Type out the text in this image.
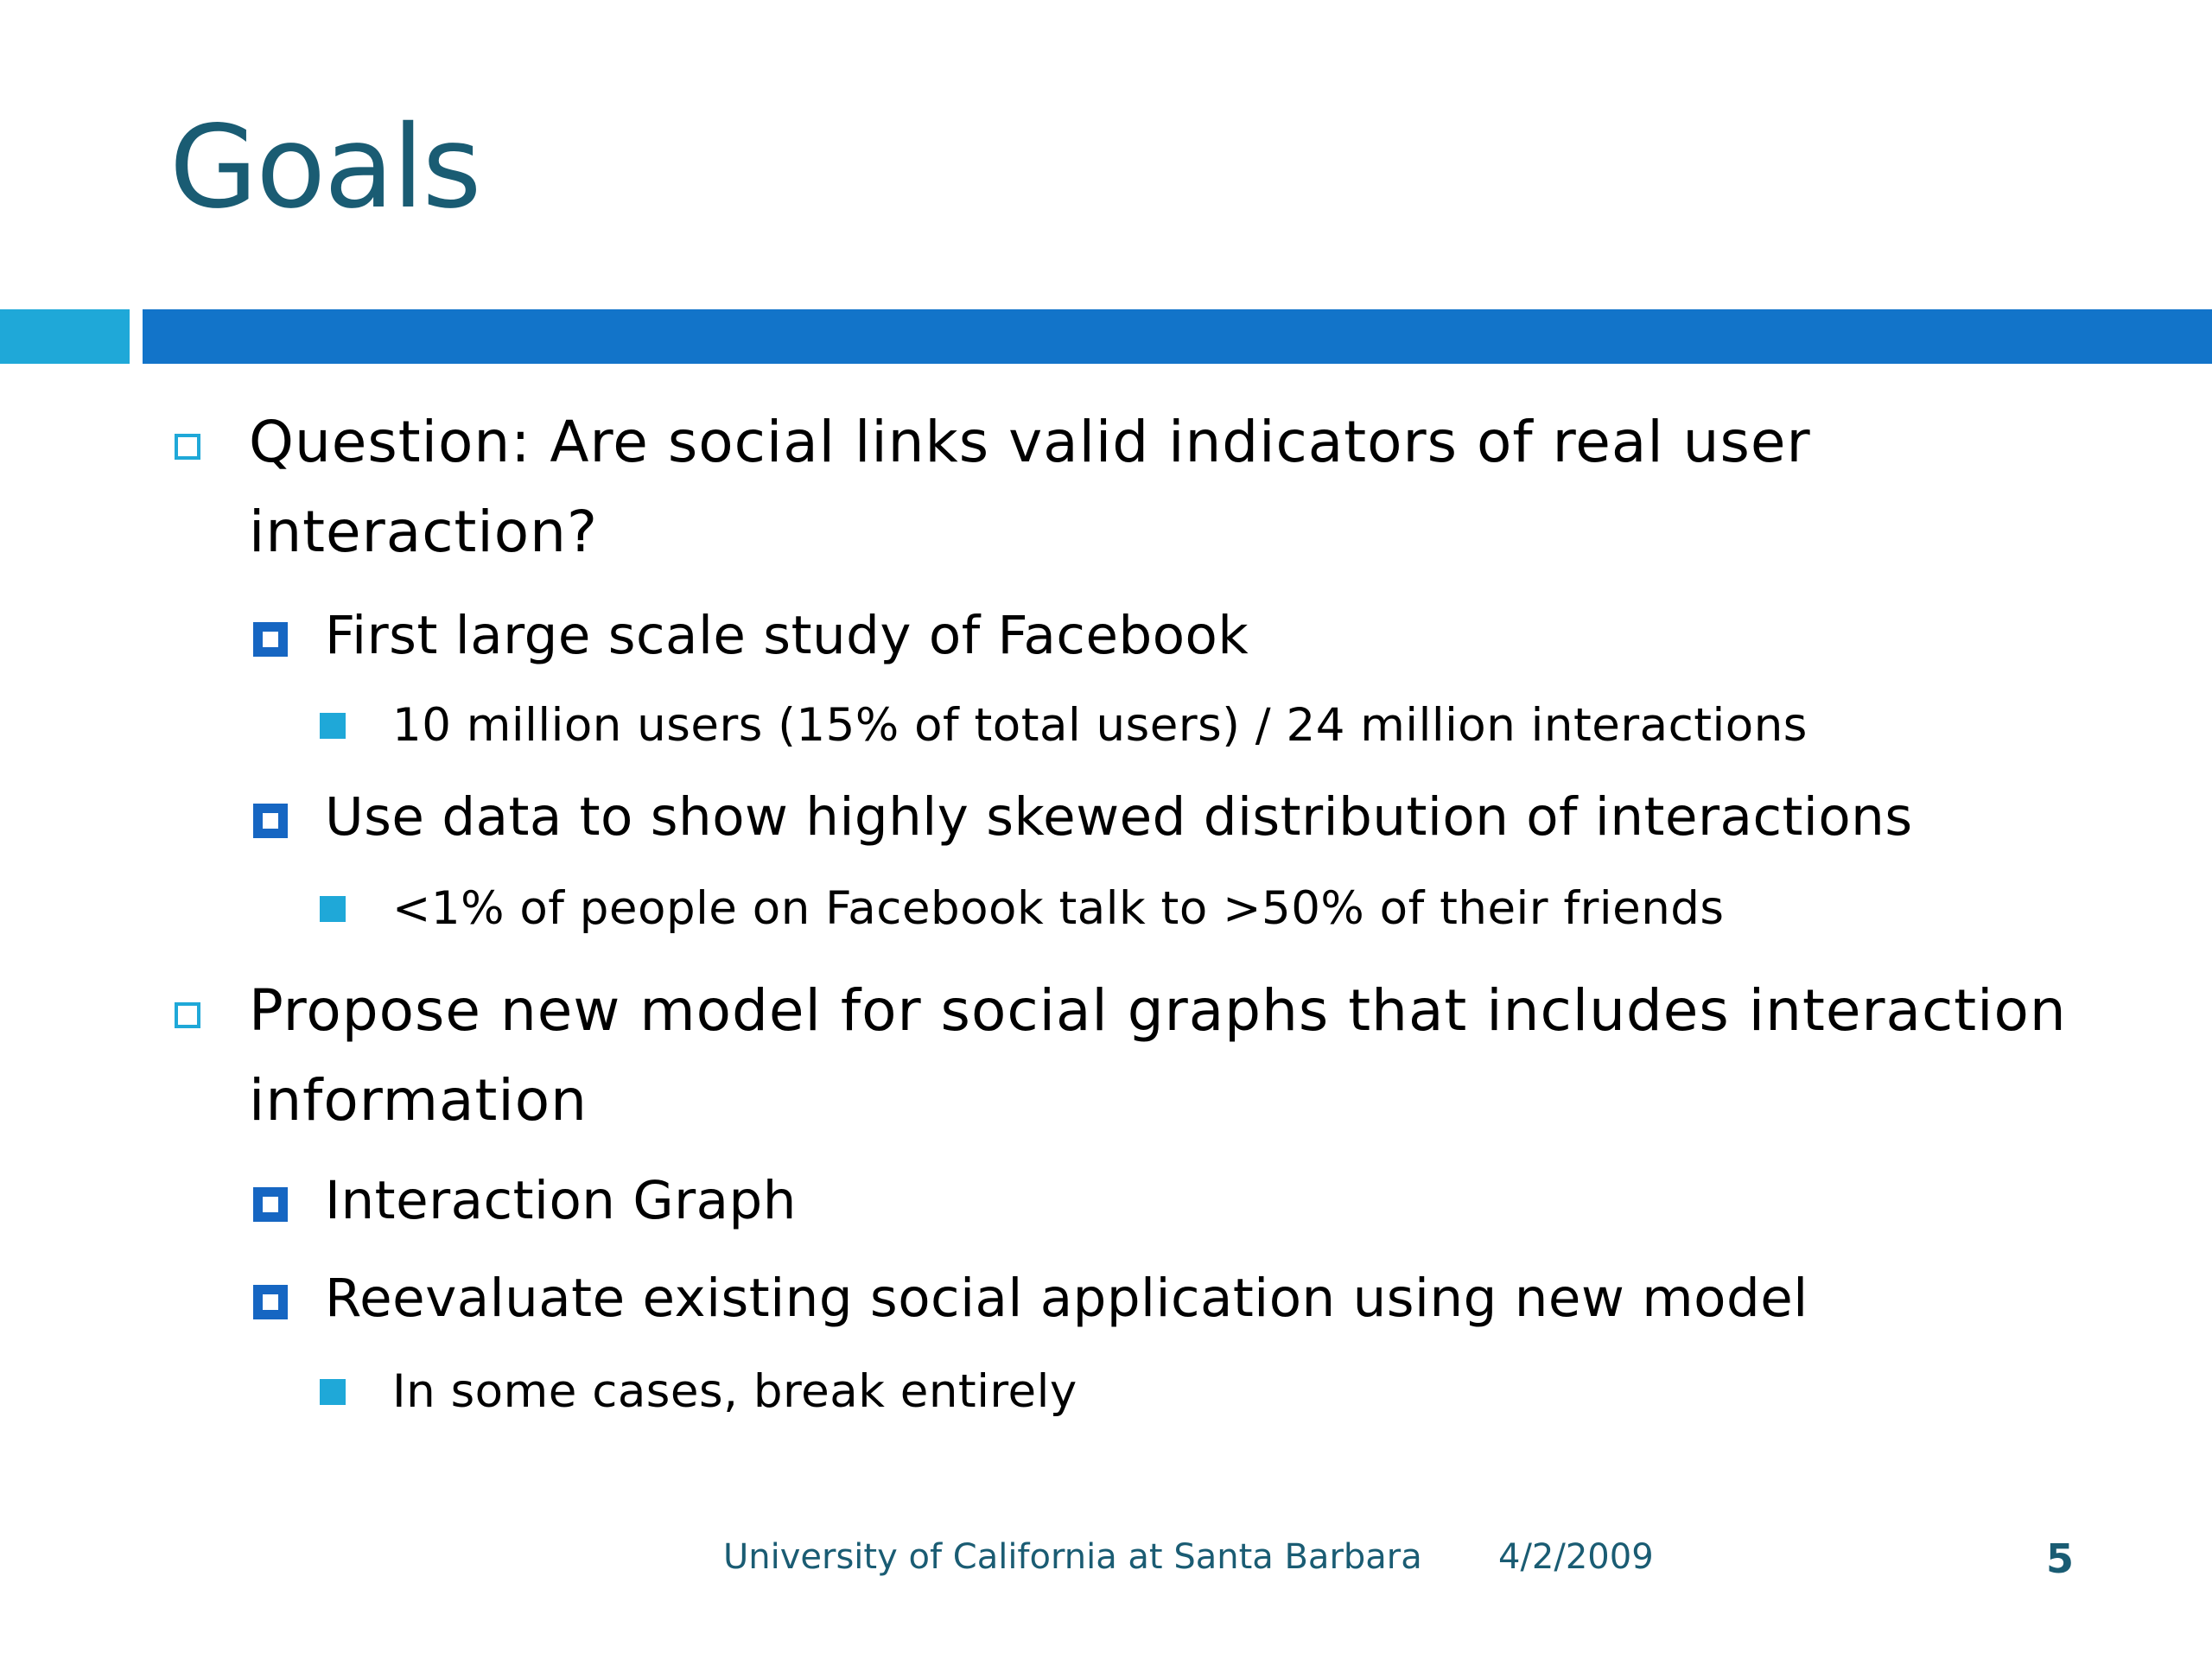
Goals
Question: Are social links valid indicators of real user interaction?
First large scale study of Facebook
10 million users (15% of total users) / 24 million interactions
Use data to show highly skewed distribution of interactions
<1% of people on Facebook talk to >50% of their friends
Propose new model for social graphs that includes interaction information
Interaction Graph
Reevaluate existing social application using new model
In some cases, break entirely
University of California at Santa Barbara 4/2/2009	5
